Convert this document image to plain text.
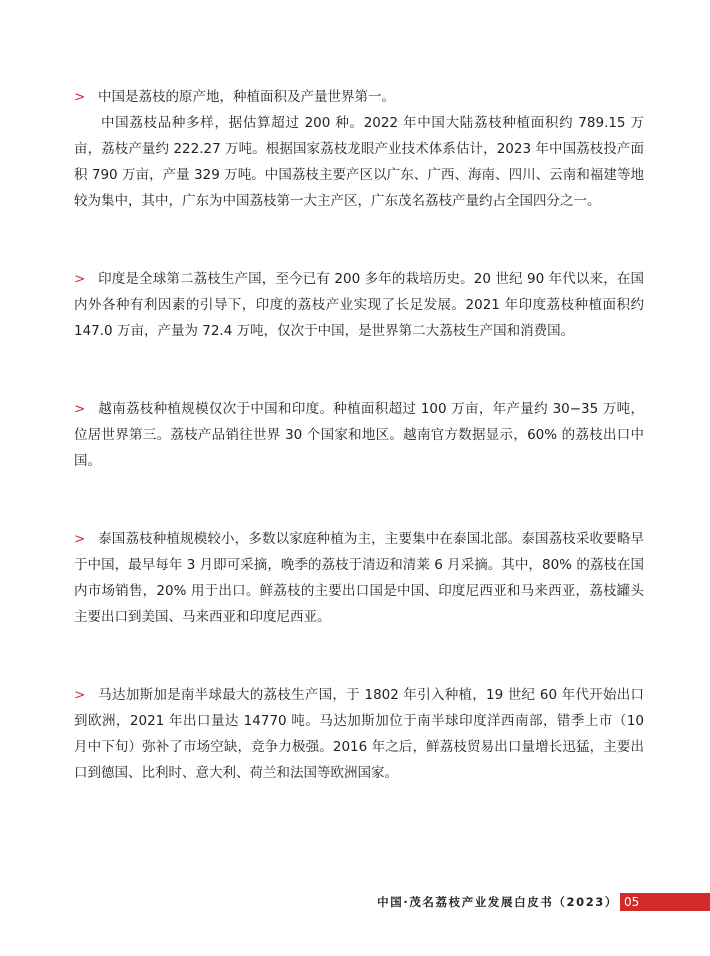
> 中国是荔枝的原产地，种植面积及产量世界第一。
中国荔枝品种多样，据估算超过 200 种。2022 年中国大陆荔枝种植面积约 789.15 万亩，荔枝产量约 222.27 万吨。根据国家荔枝龙眼产业技术体系估计，2023 年中国荔枝投产面积 790 万亩，产量 329 万吨。中国荔枝主要产区以广东、广西、海南、四川、云南和福建等地较为集中，其中，广东为中国荔枝第一大主产区，广东茂名荔枝产量约占全国四分之一。
> 印度是全球第二荔枝生产国，至今已有 200 多年的栽培历史。20 世纪 90 年代以来，在国内外各种有利因素的引导下，印度的荔枝产业实现了长足发展。2021 年印度荔枝种植面积约 147.0 万亩，产量为 72.4 万吨，仅次于中国，是世界第二大荔枝生产国和消费国。
> 越南荔枝种植规模仅次于中国和印度。种植面积超过 100 万亩，年产量约 30−35 万吨，位居世界第三。荔枝产品销往世界 30 个国家和地区。越南官方数据显示，60% 的荔枝出口中国。
> 泰国荔枝种植规模较小，多数以家庭种植为主，主要集中在泰国北部。泰国荔枝采收要略早于中国，最早每年 3 月即可采摘，晚季的荔枝于清迈和清莱 6 月采摘。其中，80% 的荔枝在国内市场销售，20% 用于出口。鲜荔枝的主要出口国是中国、印度尼西亚和马来西亚，荔枝罐头主要出口到美国、马来西亚和印度尼西亚。
> 马达加斯加是南半球最大的荔枝生产国，于 1802 年引入种植，19 世纪 60 年代开始出口到欧洲，2021 年出口量达 14770 吨。马达加斯加位于南半球印度洋西南部，错季上市（10 月中下旬）弥补了市场空缺，竞争力极强。2016 年之后，鲜荔枝贸易出口量增长迅猛，主要出口到德国、比利时、意大利、荷兰和法国等欧洲国家。
中国·茂名荔枝产业发展白皮书（2023） 05
